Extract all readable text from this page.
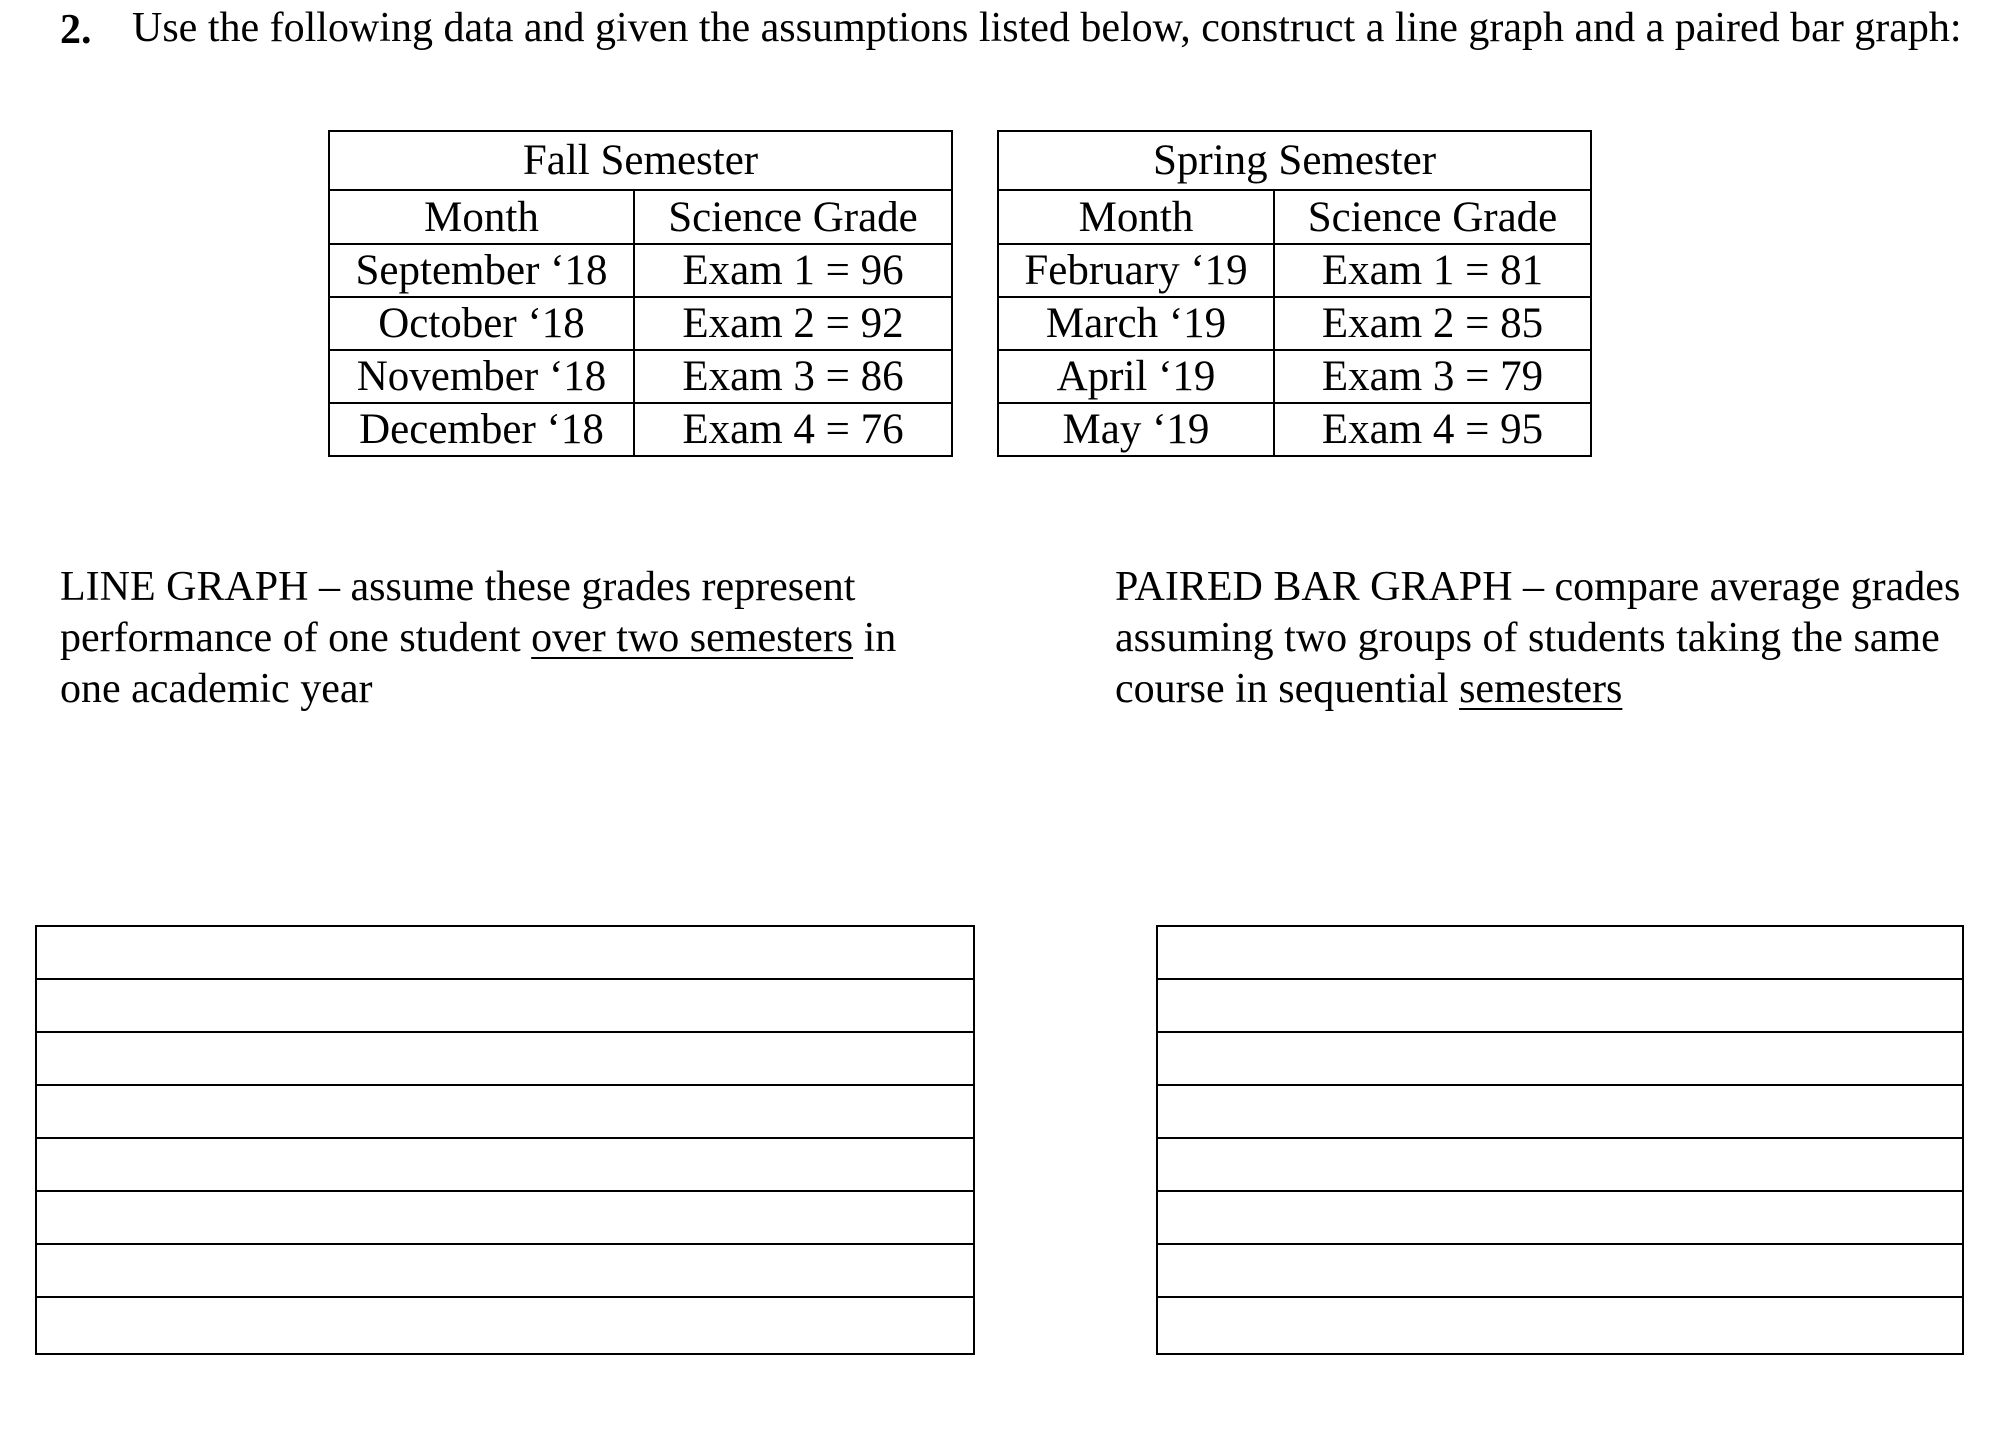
2. Use the following data and given the assumptions listed below, construct a line graph and a paired bar graph:
Fall Semester	
Month	Science Grade
September ‘18	Exam 1 = 96
October ‘18	Exam 2 = 92
November ‘18	Exam 3 = 86
December ‘18	Exam 4 = 76
Spring Semester	
Month	Science Grade
February ‘19	Exam 1 = 81
March ‘19	Exam 2 = 85
April ‘19	Exam 3 = 79
May ‘19	Exam 4 = 95
LINE GRAPH – assume these grades represent performance of one student over two semesters in one academic year
PAIRED BAR GRAPH – compare average grades assuming two groups of students taking the same course in sequential semesters
